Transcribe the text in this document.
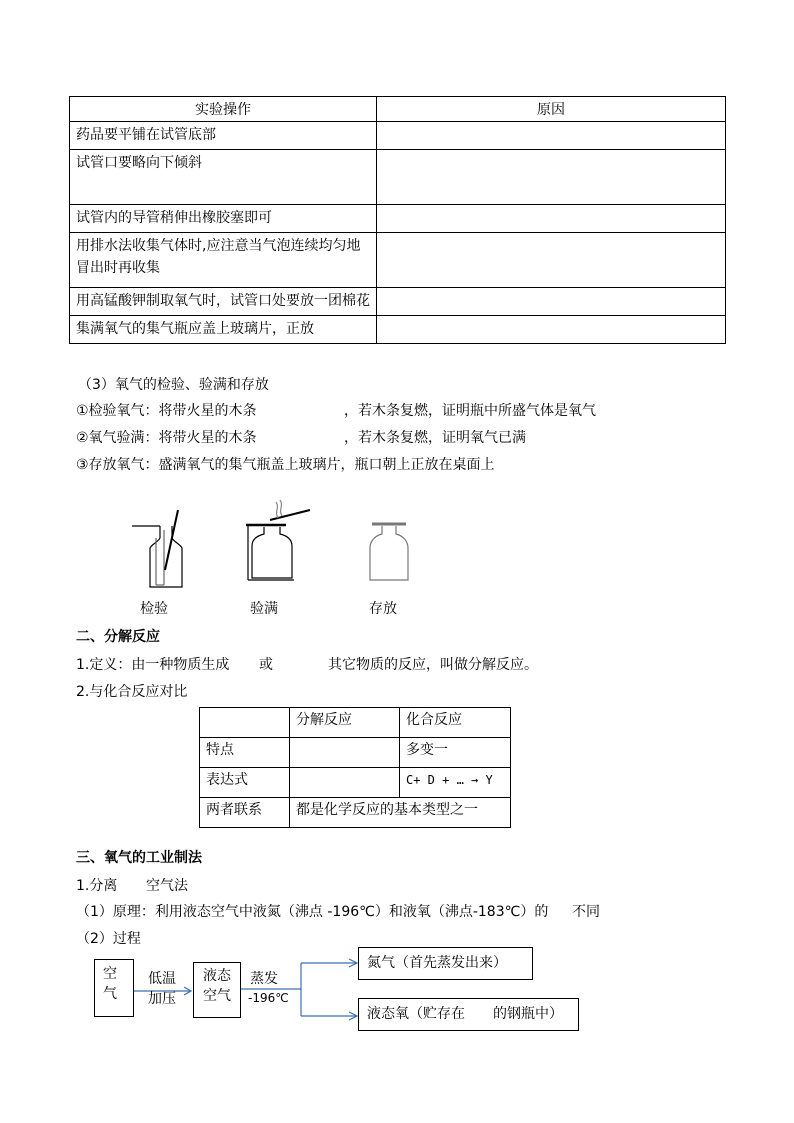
实验操作	原因
药品要平铺在试管底部	
试管口要略向下倾斜	
试管内的导管稍伸出橡胶塞即可	
用排水法收集气体时,应注意当气泡连续均匀地冒出时再收集	
用高锰酸钾制取氧气时，试管口处要放一团棉花	
集满氧气的集气瓶应盖上玻璃片，正放	
（3）氧气的检验、验满和存放
①检验氧气：将带火星的木条	，若木条复燃，证明瓶中所盛气体是氧气
②氧气验满：将带火星的木条	，若木条复燃，证明氧气已满
③存放氧气：盛满氧气的集气瓶盖上玻璃片，瓶口朝上正放在桌面上
检验	验满	存放
二、分解反应
1.定义：由一种物质生成 或	其它物质的反应，叫做分解反应。
2.与化合反应对比
	分解反应	化合反应
特点		多变一
表达式		C+ D + … → Y
两者联系	都是化学反应的基本类型之一	
三、氧气的工业制法
1.分离 空气法
（1）原理：利用液态空气中液氮（沸点 -196℃）和液氧（沸点-183℃）的 不同
（2）过程
空气
低温加压
液态空气
蒸发
-196℃
氮气（首先蒸发出来）
液态氧（贮存在 的钢瓶中）
